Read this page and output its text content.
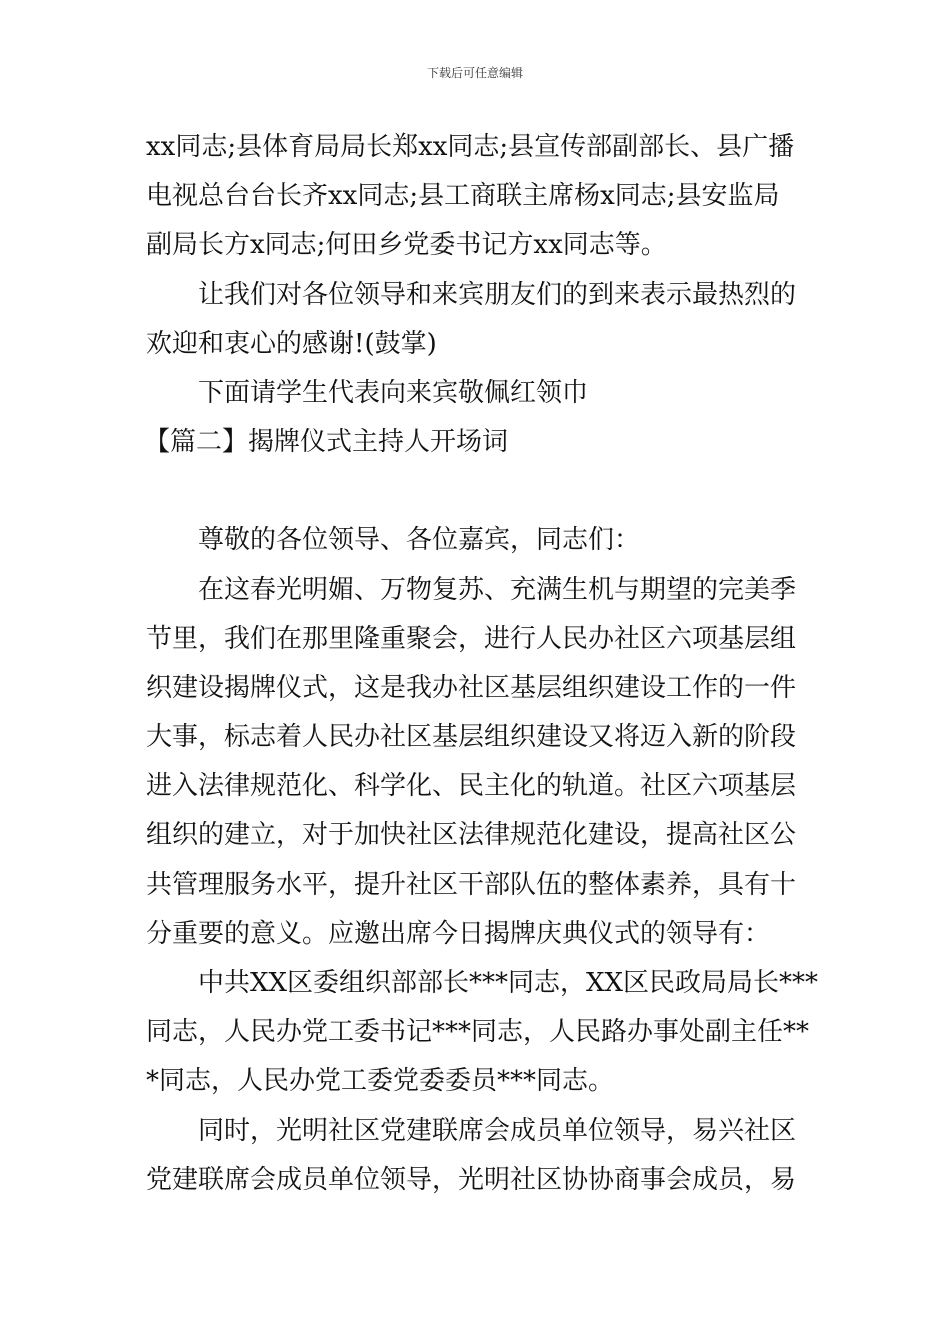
下载后可任意编辑
xx同志;县体育局局长郑xx同志;县宣传部副部长、县广播
电视总台台长齐xx同志;县工商联主席杨x同志;县安监局
副局长方x同志;何田乡党委书记方xx同志等。
让我们对各位领导和来宾朋友们的到来表示最热烈的
欢迎和衷心的感谢!(鼓掌)
下面请学生代表向来宾敬佩红领巾
【篇二】揭牌仪式主持人开场词
尊敬的各位领导、各位嘉宾，同志们：
在这春光明媚、万物复苏、充满生机与期望的完美季
节里，我们在那里隆重聚会，进行人民办社区六项基层组
织建设揭牌仪式，这是我办社区基层组织建设工作的一件
大事，标志着人民办社区基层组织建设又将迈入新的阶段
进入法律规范化、科学化、民主化的轨道。社区六项基层
组织的建立，对于加快社区法律规范化建设，提高社区公
共管理服务水平，提升社区干部队伍的整体素养，具有十
分重要的意义。应邀出席今日揭牌庆典仪式的领导有：
中共XX区委组织部部长***同志，XX区民政局局长***
同志，人民办党工委书记***同志，人民路办事处副主任**
*同志，人民办党工委党委委员***同志。
同时，光明社区党建联席会成员单位领导，易兴社区
党建联席会成员单位领导，光明社区协协商事会成员，易
